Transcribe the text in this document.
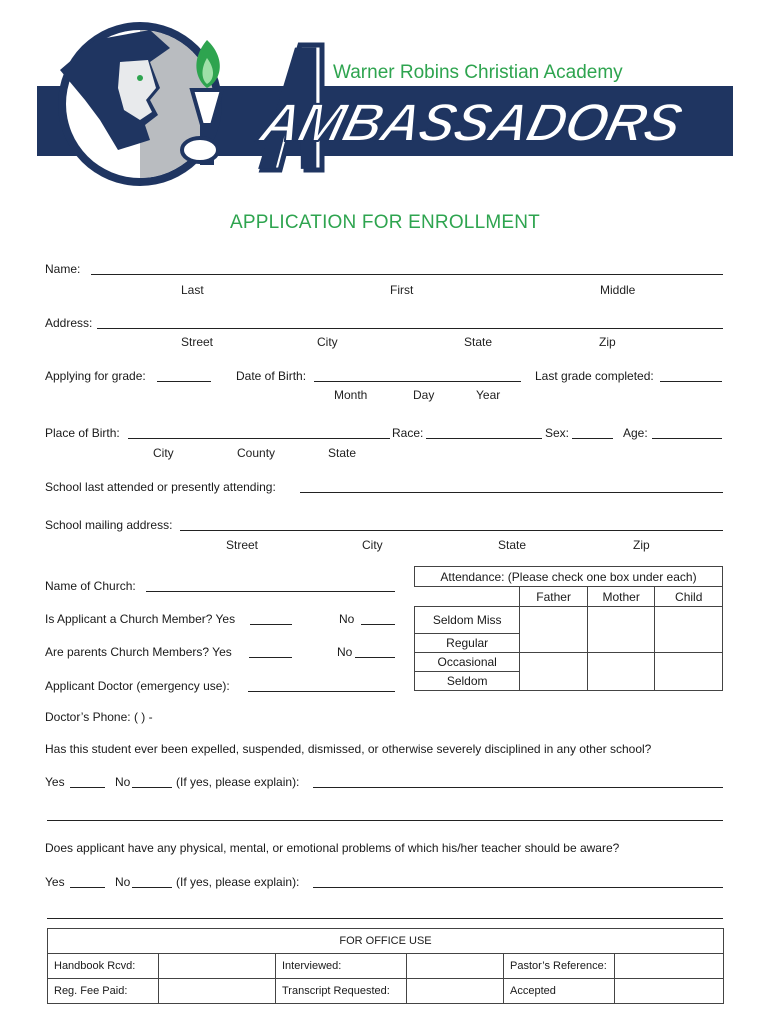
AMBASSADORS
Warner Robins Christian Academy
APPLICATION FOR ENROLLMENT
Name:
Last	First	Middle
Address:
Street	City	State	Zip
Applying for grade:	Date of Birth:	Last grade completed:
Month	Day	Year
Place of Birth:	Race:	Sex:	Age:
City	County	State
School last attended or presently attending:
School mailing address:
Street	City	State	Zip
Name of Church:
Is Applicant a Church Member? Yes	No
Are parents Church Members? Yes	No
Applicant Doctor (emergency use):
Doctor’s Phone: ( ) -
Attendance: (Please check one box under each)			
	Father	Mother	Child
Seldom Miss			
Regular			
Occasional			
Seldom			
Has this student ever been expelled, suspended, dismissed, or otherwise severely disciplined in any other school?
Yes	No	(If yes, please explain):
Does applicant have any physical, mental, or emotional problems of which his/her teacher should be aware?
Yes	No	(If yes, please explain):
FOR OFFICE USE					
Handbook Rcvd:		Interviewed:		Pastor’s Reference:	
Reg. Fee Paid:		Transcript Requested:		Accepted	
